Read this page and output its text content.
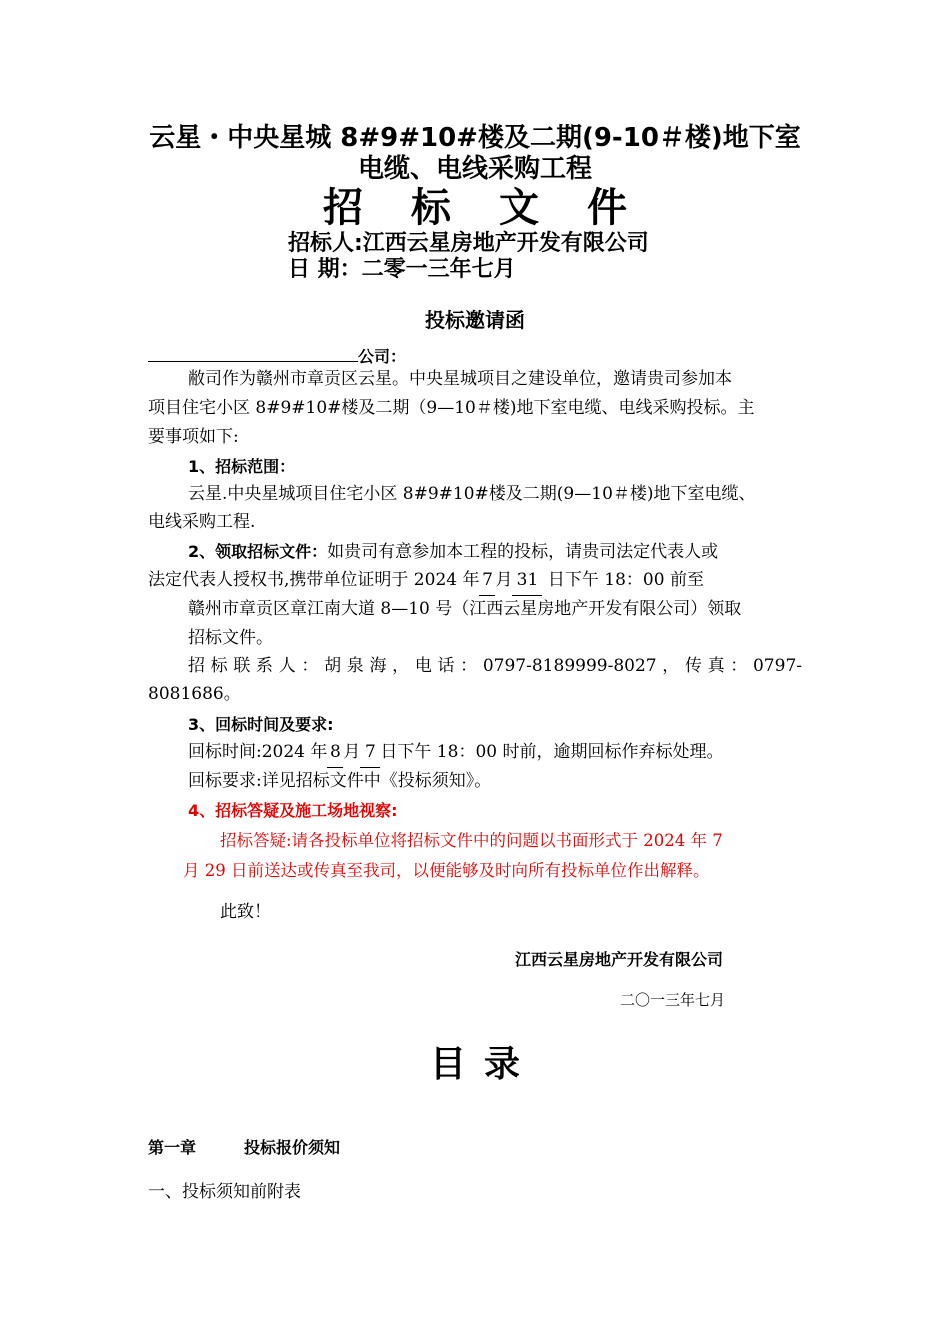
云星・中央星城 8#9#10#楼及二期(9-10＃楼)地下室
电缆、电线采购工程
招标文件
招标人:江西云星房地产开发有限公司
日 期：二零一三年七月
投标邀请函
公司：
敝司作为赣州市章贡区云星。中央星城项目之建设单位，邀请贵司参加本
项目住宅小区 8#9#10#楼及二期（9—10＃楼)地下室电缆、电线采购投标。主
要事项如下:
1、招标范围：
云星.中央星城项目住宅小区 8#9#10#楼及二期(9—10＃楼)地下室电缆、
电线采购工程.
2、领取招标文件：如贵司有意参加本工程的投标，请贵司法定代表人或
法定代表人授权书,携带单位证明于 2024 年 7 月 31 日下午 18：00 前至
赣州市章贡区章江南大道 8—10 号（江西云星房地产开发有限公司）领取
招标文件。
招标联系人：胡泉海，电话：0797-8189999-8027，传真：0797-
8081686。
3、回标时间及要求:
回标时间:2024 年 8 月 7 日下午 18：00 时前，逾期回标作弃标处理。
回标要求:详见招标文件中《投标须知》。
4、招标答疑及施工场地视察:
招标答疑:请各投标单位将招标文件中的问题以书面形式于 2024 年 7
月 29 日前送达或传真至我司，以便能够及时向所有投标单位作出解释。
此致！
江西云星房地产开发有限公司
二〇一三年七月
目录
第一章	投标报价须知
一、投标须知前附表
